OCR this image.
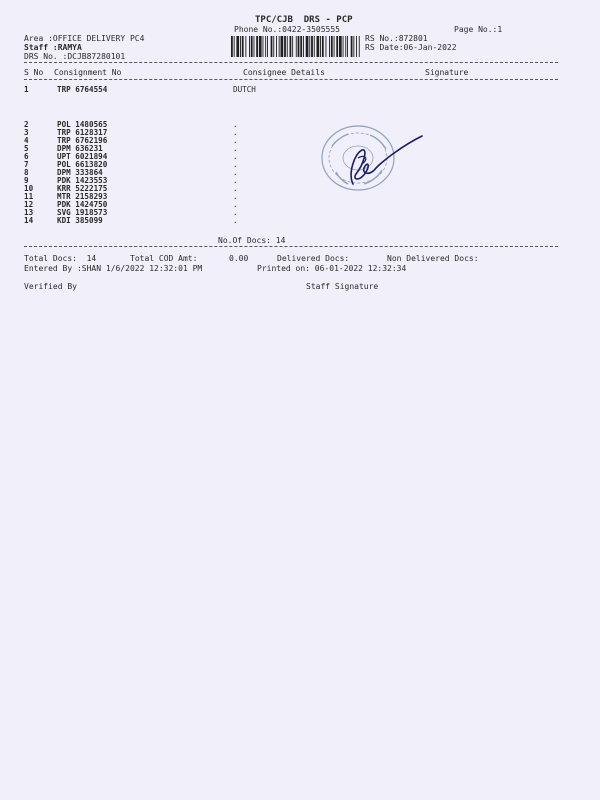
TPC/CJB  DRS - PCP
Phone No.:0422-3505555	Page No.:1
Area :OFFICE DELIVERY PC4
Staff :RAMYA
DRS No. :DCJB87280101
RS No.:872801
RS Date:06-Jan-2022
S No Consignment No	Consignee Details	Signature
1	TRP 6764554	DUTCH
2	POL 1480565	.
3	TRP 6128317	.
4	TRP 6762196	.
5	DPM 636231	.
6	UPT 6021894	.
7	POL 6613820	.
8	DPM 333864	.
9	PDK 1423553	.
10	KRR 5222175	.
11	MTR 2158293	.
12	PDK 1424750	.
13	SVG 1918573	.
14	KDI 385099	.
No.Of Docs: 14
Total Docs:  14	Total COD Amt:	0.00	Delivered Docs:	Non Delivered Docs:
Entered By :SHAN 1/6/2022 12:32:01 PM	Printed on: 06-01-2022 12:32:34
Verified By	Staff Signature
